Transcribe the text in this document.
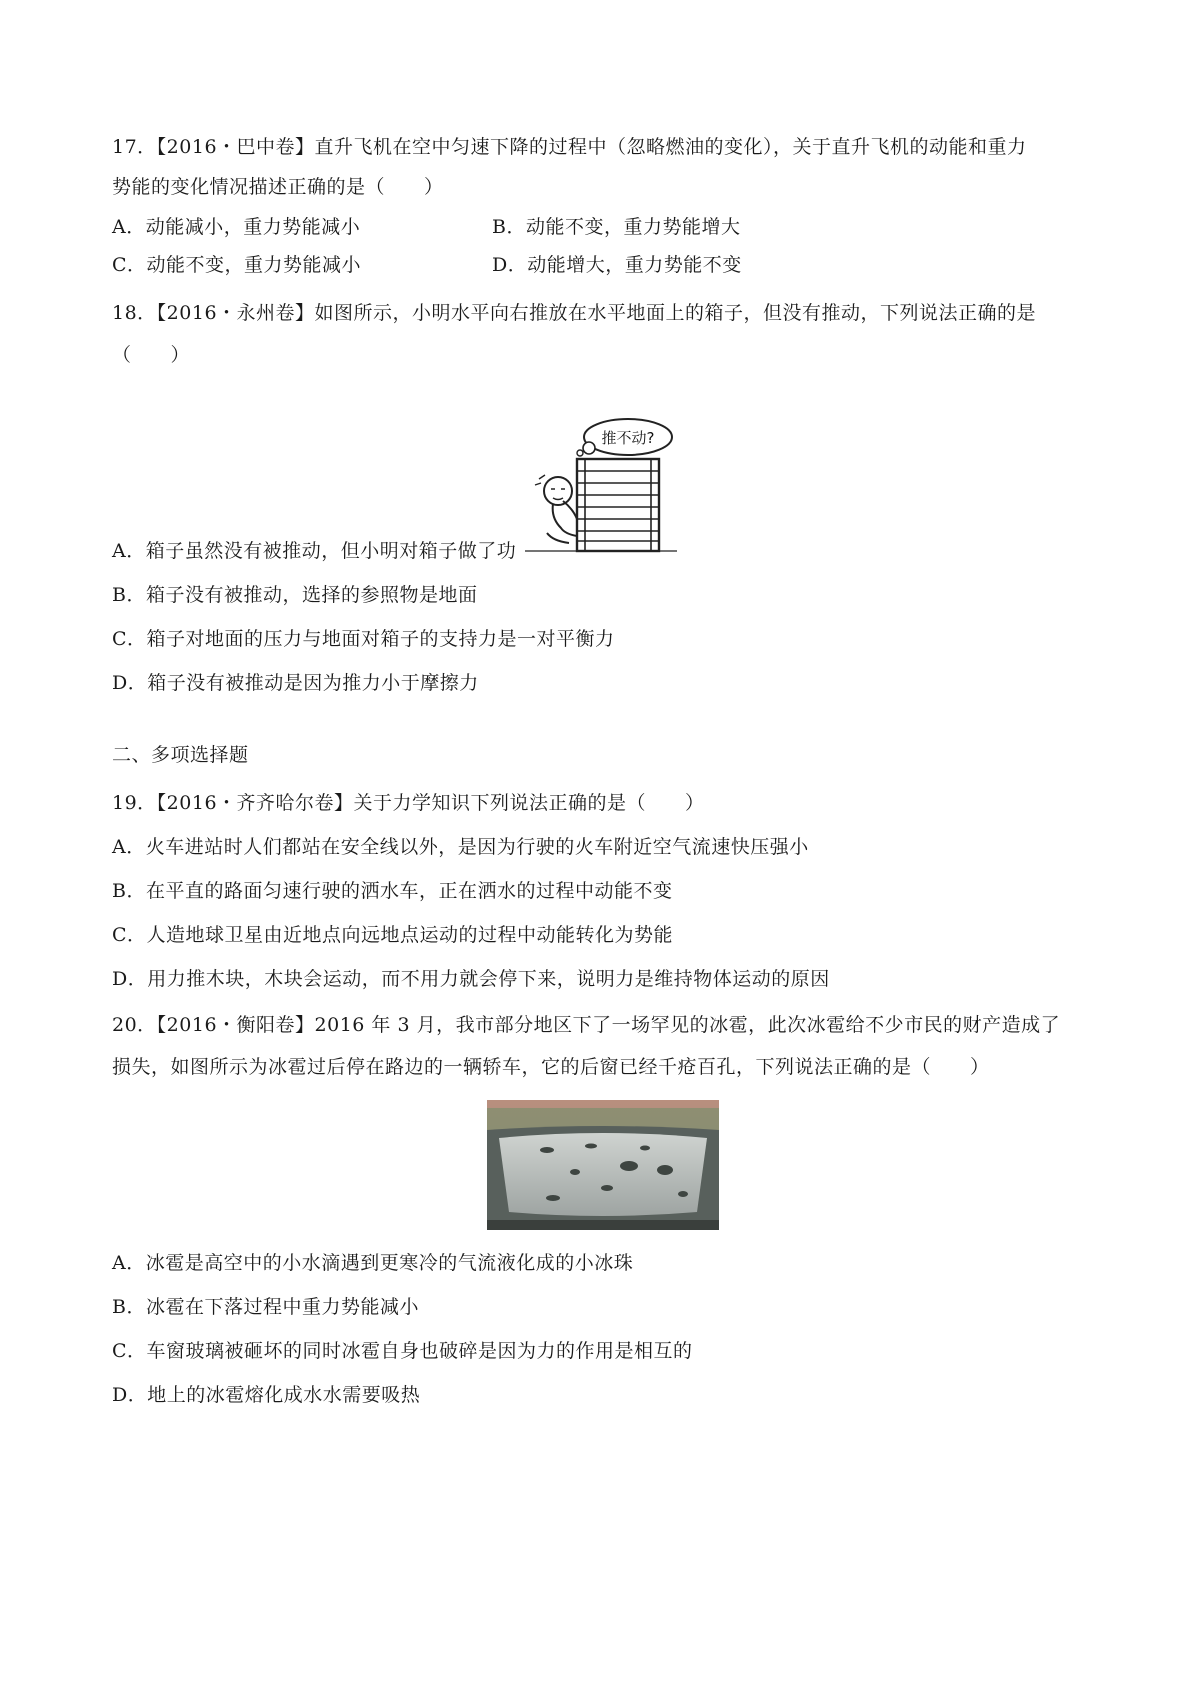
17．【2016・巴中卷】直升飞机在空中匀速下降的过程中（忽略燃油的变化），关于直升飞机的动能和重力
势能的变化情况描述正确的是（　　）
A．动能减小，重力势能减小	B．动能不变，重力势能增大
C．动能不变，重力势能减小	D．动能增大，重力势能不变
18．【2016・永州卷】如图所示，小明水平向右推放在水平地面上的箱子，但没有推动，下列说法正确的是
（　　）
推不动?
A．箱子虽然没有被推动，但小明对箱子做了功
B．箱子没有被推动，选择的参照物是地面
C．箱子对地面的压力与地面对箱子的支持力是一对平衡力
D．箱子没有被推动是因为推力小于摩擦力
二、多项选择题
19．【2016・齐齐哈尔卷】关于力学知识下列说法正确的是（　　）
A．火车进站时人们都站在安全线以外，是因为行驶的火车附近空气流速快压强小
B．在平直的路面匀速行驶的洒水车，正在洒水的过程中动能不变
C．人造地球卫星由近地点向远地点运动的过程中动能转化为势能
D．用力推木块，木块会运动，而不用力就会停下来，说明力是维持物体运动的原因
20．【2016・衡阳卷】2016 年 3 月，我市部分地区下了一场罕见的冰雹，此次冰雹给不少市民的财产造成了
损失，如图所示为冰雹过后停在路边的一辆轿车，它的后窗已经千疮百孔，下列说法正确的是（　　）
A．冰雹是高空中的小水滴遇到更寒冷的气流液化成的小冰珠
B．冰雹在下落过程中重力势能减小
C．车窗玻璃被砸坏的同时冰雹自身也破碎是因为力的作用是相互的
D．地上的冰雹熔化成水水需要吸热
